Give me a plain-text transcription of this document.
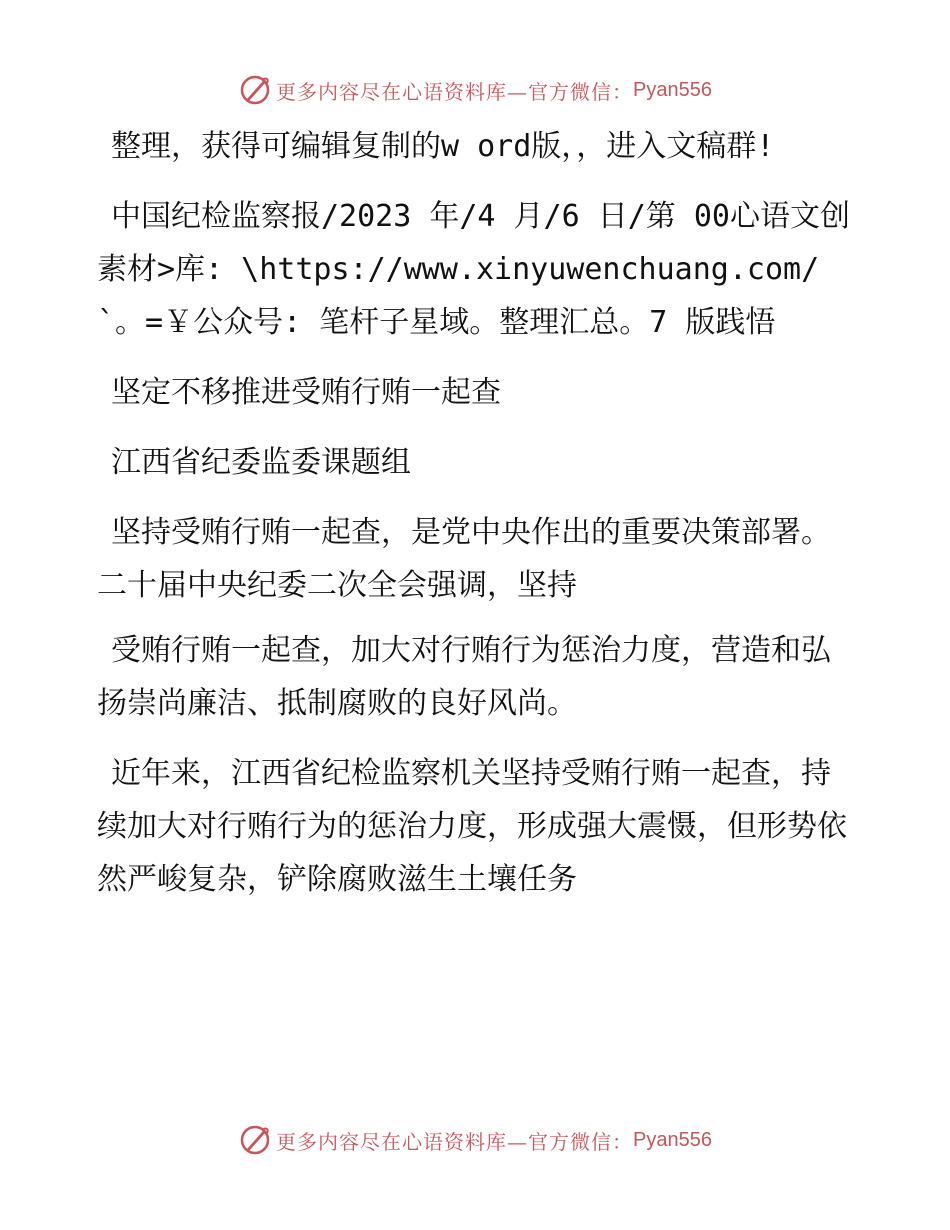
更多内容尽在心语资料库—官方微信： Pyan556

整理，获得可编辑复制的w ord版，，进入文稿群!

中国纪检监察报/2023 年/4 月/6 日/第 00心语文创素材>库: \https://www.xinyuwenchuang.com/`。=￥公众号: 笔杆子星域。整理汇总。7 版践悟

坚定不移推进受贿行贿一起查

江西省纪委监委课题组

坚持受贿行贿一起查，是党中央作出的重要决策部署。二十届中央纪委二次全会强调，坚持

受贿行贿一起查，加大对行贿行为惩治力度，营造和弘扬崇尚廉洁、抵制腐败的良好风尚。

近年来，江西省纪检监察机关坚持受贿行贿一起查，持续加大对行贿行为的惩治力度，形成强大震慑，但形势依然严峻复杂，铲除腐败滋生土壤任务

更多内容尽在心语资料库—官方微信： Pyan556
